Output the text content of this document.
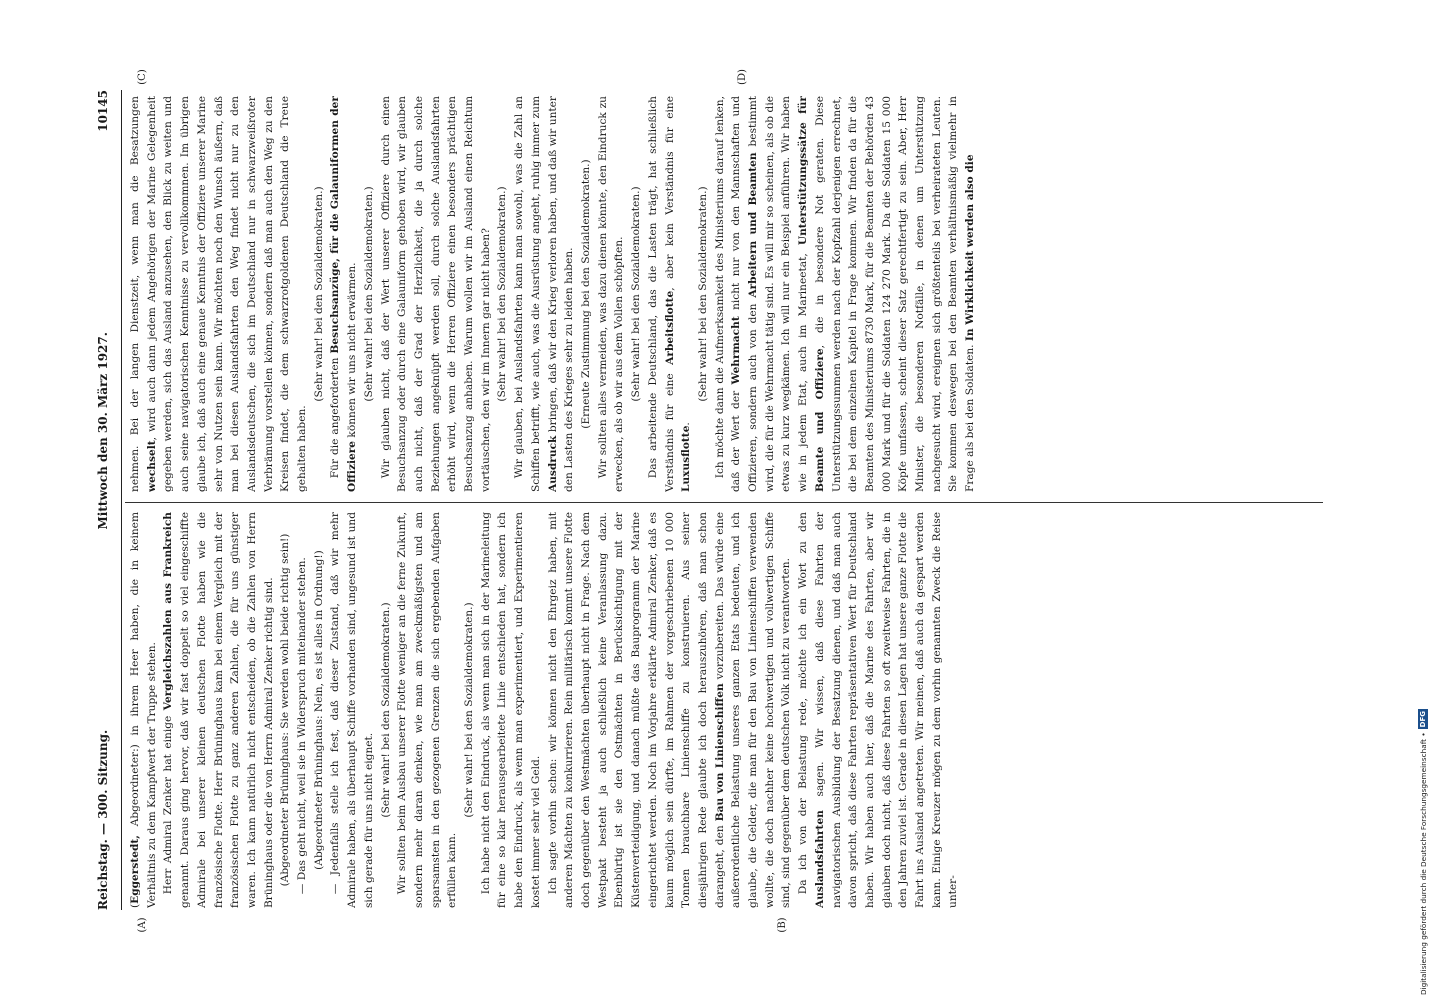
Reichstag. — 300. Sitzung.
Mittwoch den 30. März 1927.
10145
(A)	(B)
(C)	(D)

(Eggerstedt, Abgeordneter:) in ihrem Heer haben, die in keinem Verhältnis zu dem Kampfwert der Truppe stehen. Herr Admiral Zenker hat einige Vergleichszahlen aus Frankreich genannt. Daraus ging hervor, daß wir fast doppelt so viel eingeschiffte Admirale bei unserer kleinen deutschen Flotte haben wie die französische Flotte. Herr Brüninghaus kam bei einem Vergleich mit der französischen Flotte zu ganz anderen Zahlen, die für uns günstiger waren. Ich kann natürlich nicht entscheiden, ob die Zahlen von Herrn Brüninghaus oder die von Herrn Admiral Zenker richtig sind. (Abgeordneter Brüninghaus: Sie werden wohl beide richtig sein!) — Das geht nicht, weil sie in Widerspruch miteinander stehen. (Abgeordneter Brüninghaus: Nein, es ist alles in Ordnung!) — Jedenfalls stelle ich fest, daß dieser Zustand, daß wir mehr Admirale haben, als überhaupt Schiffe vorhanden sind, ungesund ist und sich gerade für uns nicht eignet.

(Sehr wahr! bei den Sozialdemokraten.) Wir sollten beim Ausbau unserer Flotte weniger an die ferne Zukunft, sondern mehr daran denken, wie man am zweckmäßigsten und am sparsamsten in den gezogenen Grenzen die sich ergebenden Aufgaben erfüllen kann.

(Sehr wahr! bei den Sozialdemokraten.) Ich habe nicht den Eindruck, als wenn man sich in der Marineleitung für eine so klar herausgearbeitete Linie entschieden hat, sondern ich habe den Eindruck, als wenn man experimentiert, und Experimentieren kostet immer sehr viel Geld. Ich sagte vorhin schon: wir können nicht den Ehrgeiz haben, mit anderen Mächten zu konkurrieren. Rein militärisch kommt unsere Flotte doch gegenüber den Westmächten überhaupt nicht in Frage. Nach dem Westpakt besteht ja auch schließlich keine Veranlassung dazu. Ebenbürtig ist sie den Ostmächten in Berücksichtigung mit der Küstenverteidigung, und danach müßte das Bauprogramm der Marine eingerichtet werden. Noch im Vorjahre erklärte Admiral Zenker, daß es kaum möglich sein dürfte, im Rahmen der vorgeschriebenen 10 000 Tonnen brauchbare Linienschiffe zu konstruieren. Aus seiner diesjährigen Rede glaubte ich doch herauszuhören, daß man schon darangeht, den Bau von Linienschiffen vorzubereiten. Das würde eine außerordentliche Belastung unseres ganzen Etats bedeuten, und ich glaube, die Gelder, die man für den Bau von Linienschiffen verwenden wollte, die doch nachher keine hochwertigen und vollwertigen Schiffe sind, sind gegenüber dem deutschen Volk nicht zu verantworten. Da ich von der Belastung rede, möchte ich ein Wort zu den Auslandsfahrten sagen. Wir wissen, daß diese Fahrten der navigatorischen Ausbildung der Besatzung dienen, und daß man auch davon spricht, daß diese Fahrten repräsentativen Wert für Deutschland haben. Wir haben auch hier, daß die Marine des Fahrten, aber wir glauben doch nicht, daß diese Fahrten so oft zweitweise Fahrten, die in den Jahren zuviel ist. Gerade in diesen Lagen hat unsere ganze Flotte die Fahrt ins Ausland angetreten. Wir meinen, daß auch da gespart werden kann. Einige Kreuzer mögen zu dem vorhin genannten Zweck die Reise unter-

nehmen. Bei der langen Dienstzeit, wenn man die Besatzungen wechselt, wird auch dann jedem Angehörigen der Marine Gelegenheit gegeben werden, sich das Ausland anzusehen, den Blick zu weiten und auch seine navigatorischen Kenntnisse zu vervollkommnen. Im übrigen glaube ich, daß auch eine genaue Kenntnis der Offiziere unserer Marine sehr von Nutzen sein kann. Wir möchten noch den Wunsch äußern, daß man bei diesen Auslandsfahrten den Weg findet nicht nur zu den Auslandsdeutschen, die sich im Deutschland nur in schwarzweißroter Verbrämung vorstellen können, sondern daß man auch den Weg zu den Kreisen findet, die dem schwarzrotgoldenen Deutschland die Treue gehalten haben.

(Sehr wahr! bei den Sozialdemokraten.)

Für die angeforderten Besuchsanzüge, für die Galauniformen der Offiziere können wir uns nicht erwärmen. (Sehr wahr! bei den Sozialdemokraten.) Wir glauben nicht, daß der Wert unserer Offiziere durch einen Besuchsanzug oder durch eine Galauniform gehoben wird, wir glauben auch nicht, daß der Grad der Herzlichkeit, die ja durch solche Beziehungen angeknüpft werden soll, durch solche Auslandsfahrten erhöht wird, wenn die Herren Offiziere einen besonders prächtigen Besuchsanzug anhaben. Warum wollen wir im Ausland einen Reichtum vortäuschen, den wir im Innern gar nicht haben? (Sehr wahr! bei den Sozialdemokraten.) Wir glauben, bei Auslandsfahrten kann man sowohl, was die Zahl an Schiffen betrifft, wie auch, was die Ausrüstung angeht, ruhig immer zum Ausdruck bringen, daß wir den Krieg verloren haben, und daß wir unter den Lasten des Krieges sehr zu leiden haben. (Erneute Zustimmung bei den Sozialdemokraten.) Wir sollten alles vermeiden, was dazu dienen könnte, den Eindruck zu erwecken, als ob wir aus dem Vollen schöpften. (Sehr wahr! bei den Sozialdemokraten.) Das arbeitende Deutschland, das die Lasten trägt, hat schließlich Verständnis für eine Arbeitsflotte, aber kein Verständnis für eine Luxusflotte.

(Sehr wahr! bei den Sozialdemokraten.) Ich möchte dann die Aufmerksamkeit des Ministeriums darauf lenken, daß der Wert der Wehrmacht nicht nur von den Mannschaften und Offizieren, sondern auch von den Arbeitern und Beamten bestimmt wird, die für die Wehrmacht tätig sind. Es will mir so scheinen, als ob die etwas zu kurz wegkämen. Ich will nur ein Beispiel anführen. Wir haben wie in jedem Etat, auch im Marineetat, Unterstützungssätze für Beamte und Offiziere, die in besondere Not geraten. Diese Unterstützungssummen werden nach der Kopfzahl derjenigen errechnet, die bei dem einzelnen Kapitel in Frage kommen. Wir finden da für die Beamten des Ministeriums 8730 Mark, für die Beamten der Behörden 43 000 Mark und für die Soldaten 124 270 Mark. Da die Soldaten 15 000 Köpfe umfassen, scheint dieser Satz gerechtfertigt zu sein. Aber, Herr Minister, die besonderen Notfälle, in denen um Unterstützung nachgesucht wird, ereignen sich größtenteils bei verheirateten Leuten. Sie kommen deswegen bei den Beamten verhältnismäßig vielmehr in Frage als bei den Soldaten. In Wirklichkeit werden also die

Digitalisierung gefördert durch die Deutsche Forschungsgemeinschaft •
DFG
